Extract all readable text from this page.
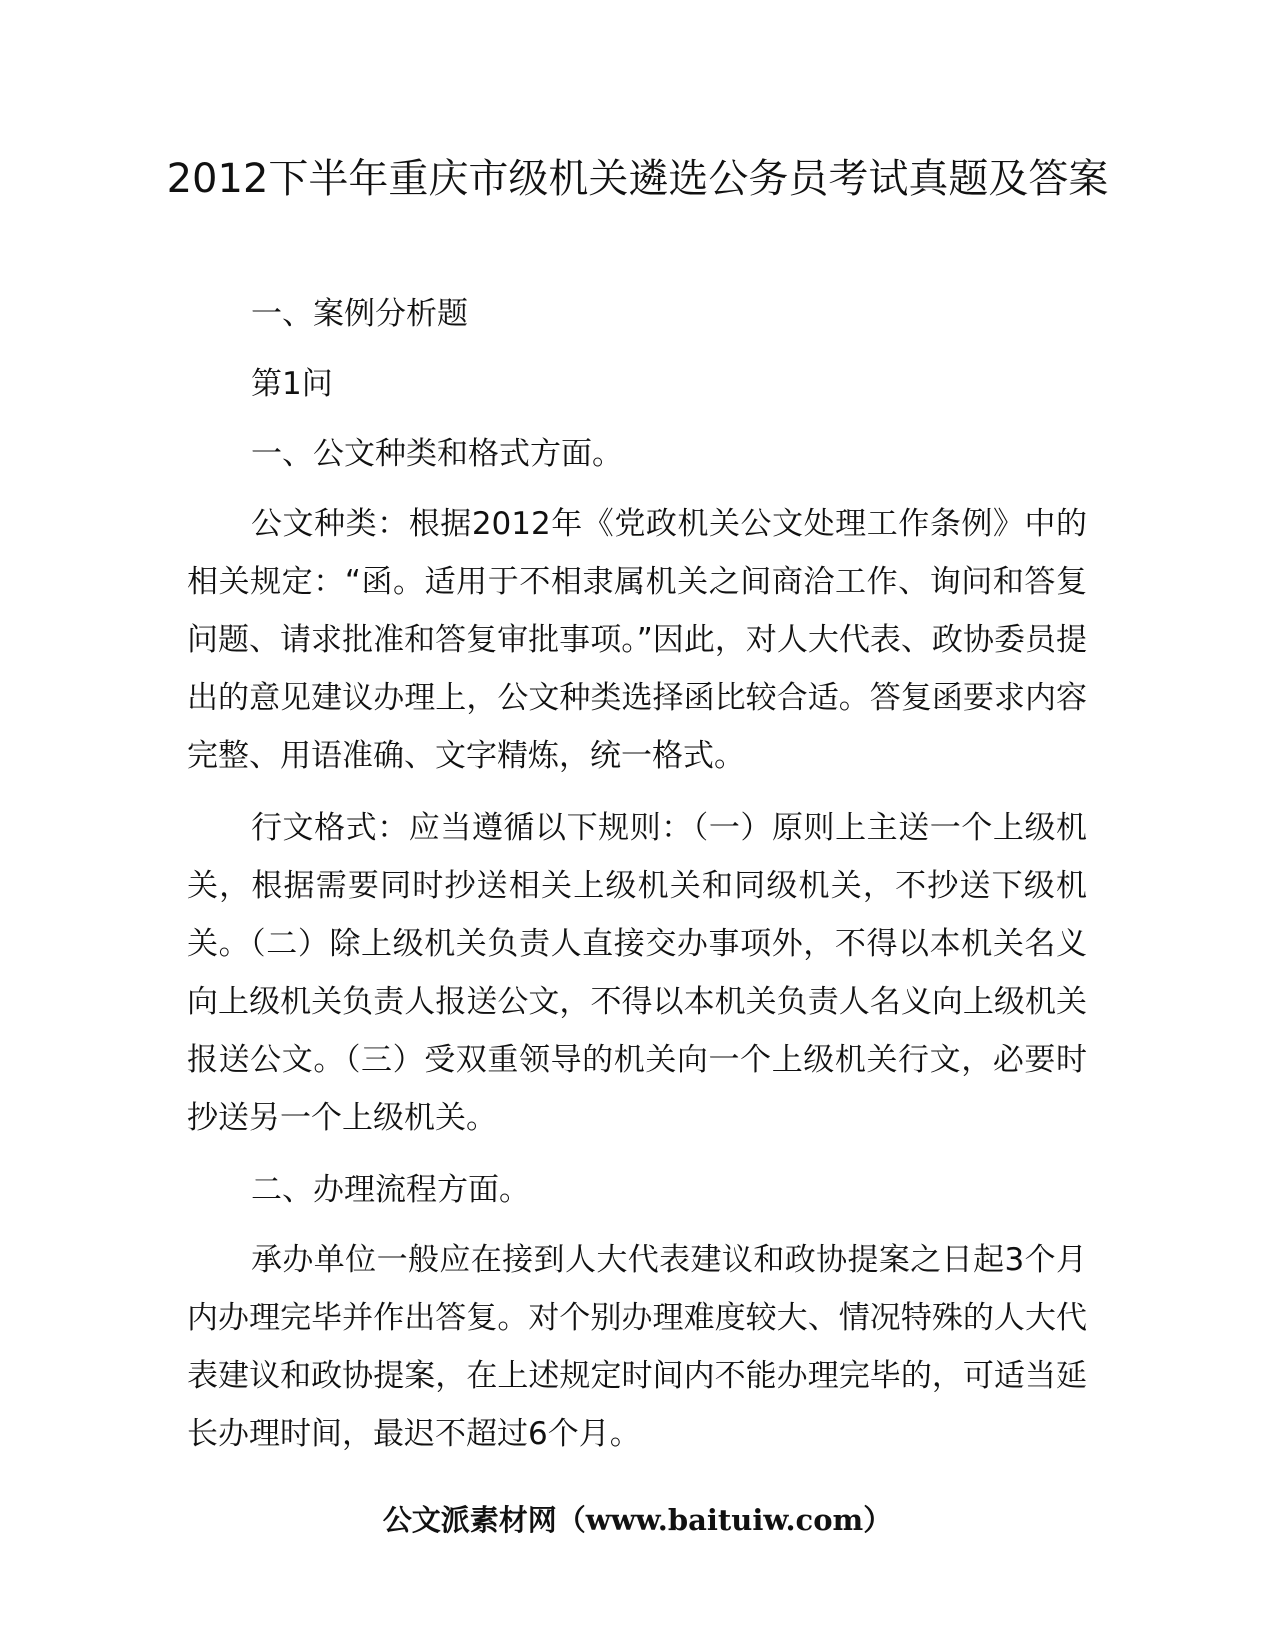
2012下半年重庆市级机关遴选公务员考试真题及答案

一、案例分析题

第1问

一、公文种类和格式方面。

公文种类：根据2012年《党政机关公文处理工作条例》中的相关规定：“函。适用于不相隶属机关之间商洽工作、询问和答复问题、请求批准和答复审批事项。”因此，对人大代表、政协委员提出的意见建议办理上，公文种类选择函比较合适。答复函要求内容完整、用语准确、文字精炼，统一格式。

行文格式：应当遵循以下规则：（一）原则上主送一个上级机关，根据需要同时抄送相关上级机关和同级机关，不抄送下级机关。（二）除上级机关负责人直接交办事项外，不得以本机关名义向上级机关负责人报送公文，不得以本机关负责人名义向上级机关报送公文。（三）受双重领导的机关向一个上级机关行文，必要时抄送另一个上级机关。

二、办理流程方面。

承办单位一般应在接到人大代表建议和政协提案之日起3个月内办理完毕并作出答复。对个别办理难度较大、情况特殊的人大代表建议和政协提案，在上述规定时间内不能办理完毕的，可适当延长办理时间，最迟不超过6个月。

公文派素材网（www.baituiw.com）
